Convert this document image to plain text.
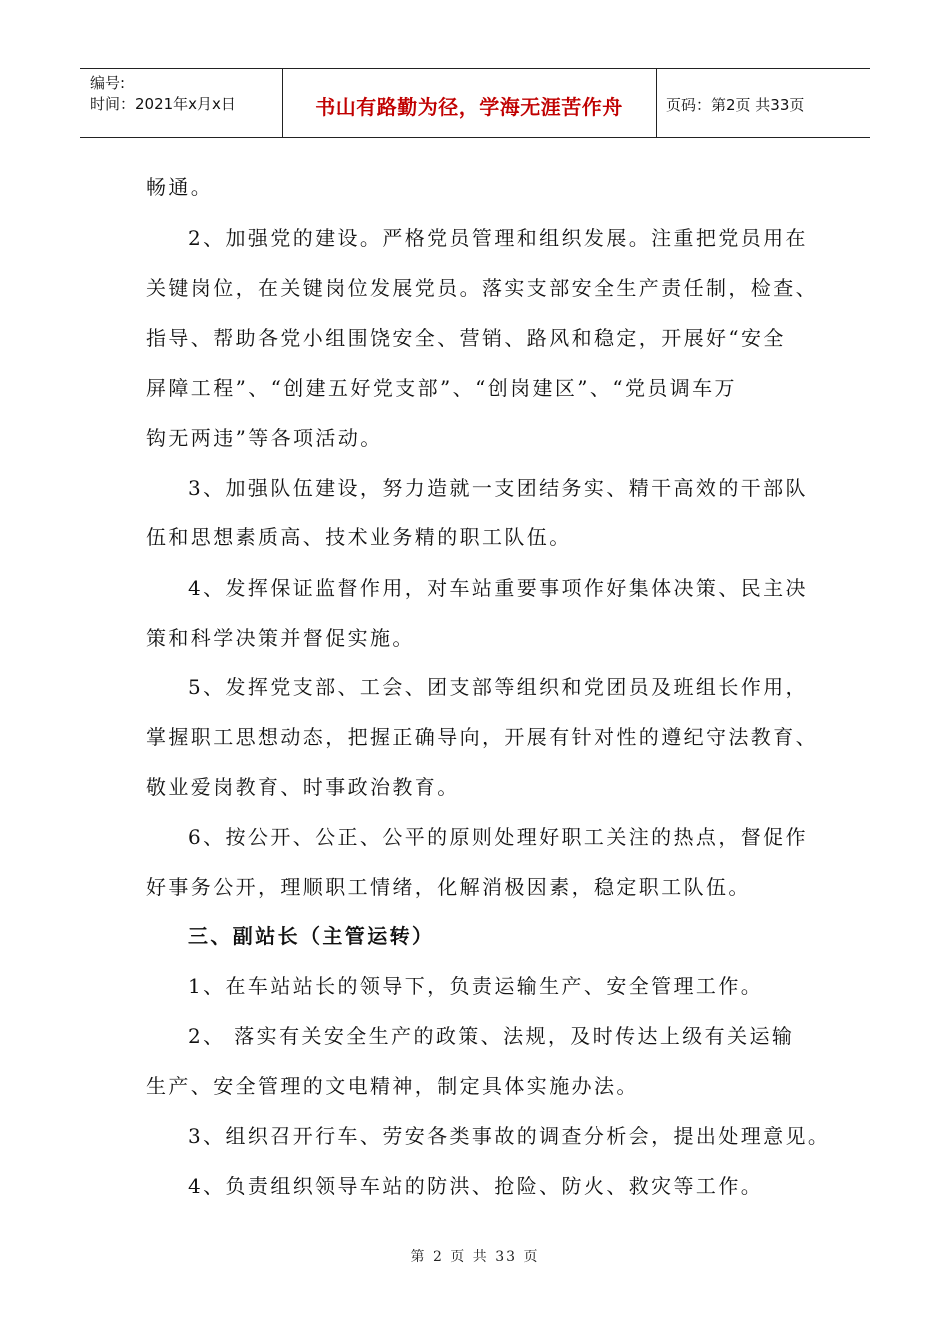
编号:
时间：2021年x月x日	书山有路勤为径，学海无涯苦作舟	页码：第2页 共33页
畅通。
2、加强党的建设。严格党员管理和组织发展。注重把党员用在
关键岗位，在关键岗位发展党员。落实支部安全生产责任制，检查、
指导、帮助各党小组围饶安全、营销、路风和稳定，开展好“安全
屏障工程”、“创建五好党支部”、“创岗建区”、“党员调车万
钩无两违”等各项活动。
3、加强队伍建设，努力造就一支团结务实、精干高效的干部队
伍和思想素质高、技术业务精的职工队伍。
4、发挥保证监督作用，对车站重要事项作好集体决策、民主决
策和科学决策并督促实施。
5、发挥党支部、工会、团支部等组织和党团员及班组长作用，
掌握职工思想动态，把握正确导向，开展有针对性的遵纪守法教育、
敬业爱岗教育、时事政治教育。
6、按公开、公正、公平的原则处理好职工关注的热点，督促作
好事务公开，理顺职工情绪，化解消极因素，稳定职工队伍。
三、副站长（主管运转）
1、在车站站长的领导下，负责运输生产、安全管理工作。
2、 落实有关安全生产的政策、法规，及时传达上级有关运输
生产、安全管理的文电精神，制定具体实施办法。
3、组织召开行车、劳安各类事故的调查分析会，提出处理意见。
4、负责组织领导车站的防洪、抢险、防火、救灾等工作。
第 2 页 共 33 页
